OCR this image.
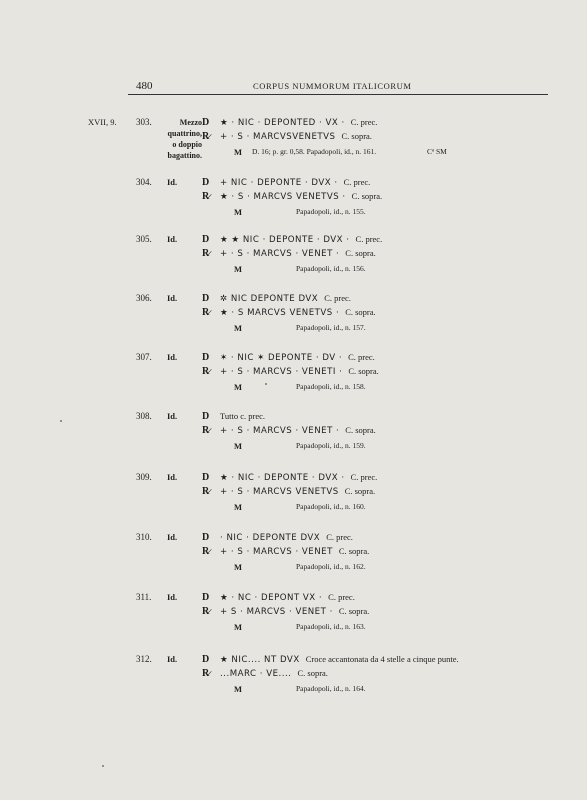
480	CORPUS NUMMORUM ITALICORUM
XVII, 9. 303.	Mezzo
quattrino,
o doppio bagattino.
D ★ · NIC · DEPONTED · VX · C. prec.
R̷ + · S · MARCVSVENETVS C. sopra.
M D. 16; p. gr. 0,58. Papadopoli, id., n. 161.	Cª SM
304. Id. D + NIC · DEPONTE · DVX · C. prec.
R̷ ★ · S · MARCVS VENETVS · C. sopra.
M	Papadopoli, id., n. 155.
305. Id. D ★ ★ NIC · DEPONTE · DVX · C. prec.
R̷ + · S · MARCVS · VENET · C. sopra.
M	Papadopoli, id., n. 156.
306. Id. D ✲ NIC DEPONTE DVX C. prec.
R̷ ★ · S MARCVS VENETVS · C. sopra.
M	Papadopoli, id., n. 157.
307. Id. D ✶ · NIC ✶ DEPONTE · DV · C. prec.
R̷ + · S · MARCVS · VENETI · C. sopra.
M	Papadopoli, id., n. 158.
308. Id. D Tutto c. prec.
R̷ + · S · MARCVS · VENET · C. sopra.
M	Papadopoli, id., n. 159.
309. Id. D ★ · NIC · DEPONTE · DVX · C. prec.
R̷ + · S · MARCVS VENETVS C. sopra.
M	Papadopoli, id., n. 160.
310. Id. D · NIC · DEPONTE DVX C. prec.
R̷ + · S · MARCVS · VENET C. sopra.
M	Papadopoli, id., n. 162.
311. Id. D ★ · NC · DEPONT VX · C. prec.
R̷ + S · MARCVS · VENET · C. sopra.
M	Papadopoli, id., n. 163.
312. Id. D ★ NIC.... NT DVX Croce accantonata da 4 stelle a cinque punte.
R̷ ...MARC · VE.... C. sopra.
M	Papadopoli, id., n. 164.
